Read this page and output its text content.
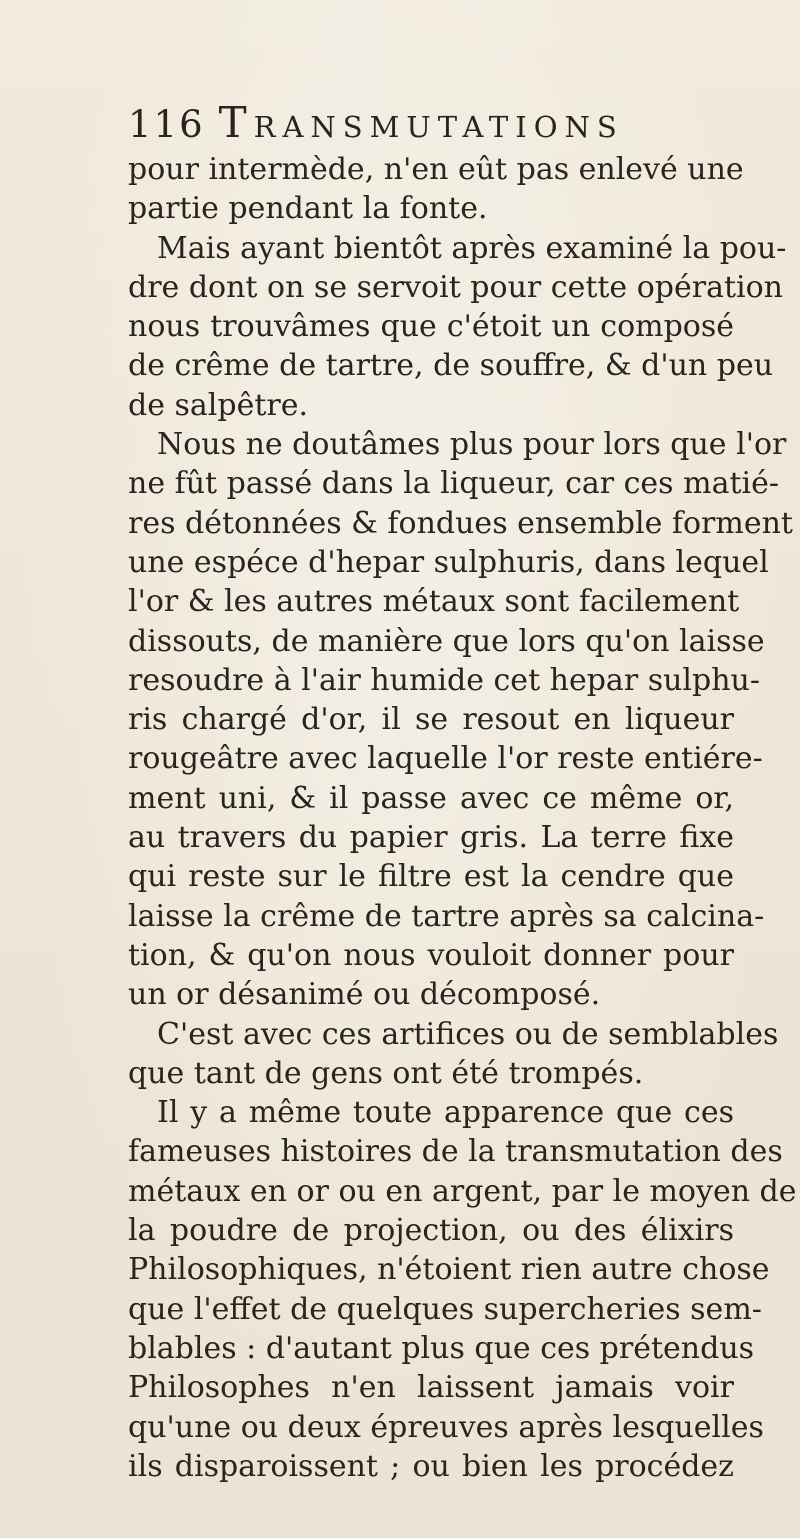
116 Transmutations
pour intermède, n'en eût pas enlevé une
partie pendant la fonte.
Mais ayant bientôt après examiné la pou-
dre dont on se servoit pour cette opération
nous trouvâmes que c'étoit un composé
de crême de tartre, de souffre, & d'un peu
de salpêtre.
Nous ne doutâmes plus pour lors que l'or
ne fût passé dans la liqueur, car ces matié-
res détonnées & fondues ensemble forment
une espéce d'hepar sulphuris, dans lequel
l'or & les autres métaux sont facilement
dissouts, de manière que lors qu'on laisse
resoudre à l'air humide cet hepar sulphu-
ris chargé d'or, il se resout en liqueur
rougeâtre avec laquelle l'or reste entiére-
ment uni, & il passe avec ce même or,
au travers du papier gris. La terre fixe
qui reste sur le filtre est la cendre que
laisse la crême de tartre après sa calcina-
tion, & qu'on nous vouloit donner pour
un or désanimé ou décomposé.
C'est avec ces artifices ou de semblables
que tant de gens ont été trompés.
Il y a même toute apparence que ces
fameuses histoires de la transmutation des
métaux en or ou en argent, par le moyen de
la poudre de projection, ou des élixirs
Philosophiques, n'étoient rien autre chose
que l'effet de quelques supercheries sem-
blables : d'autant plus que ces prétendus
Philosophes n'en laissent jamais voir
qu'une ou deux épreuves après lesquelles
ils disparoissent ; ou bien les procédez
